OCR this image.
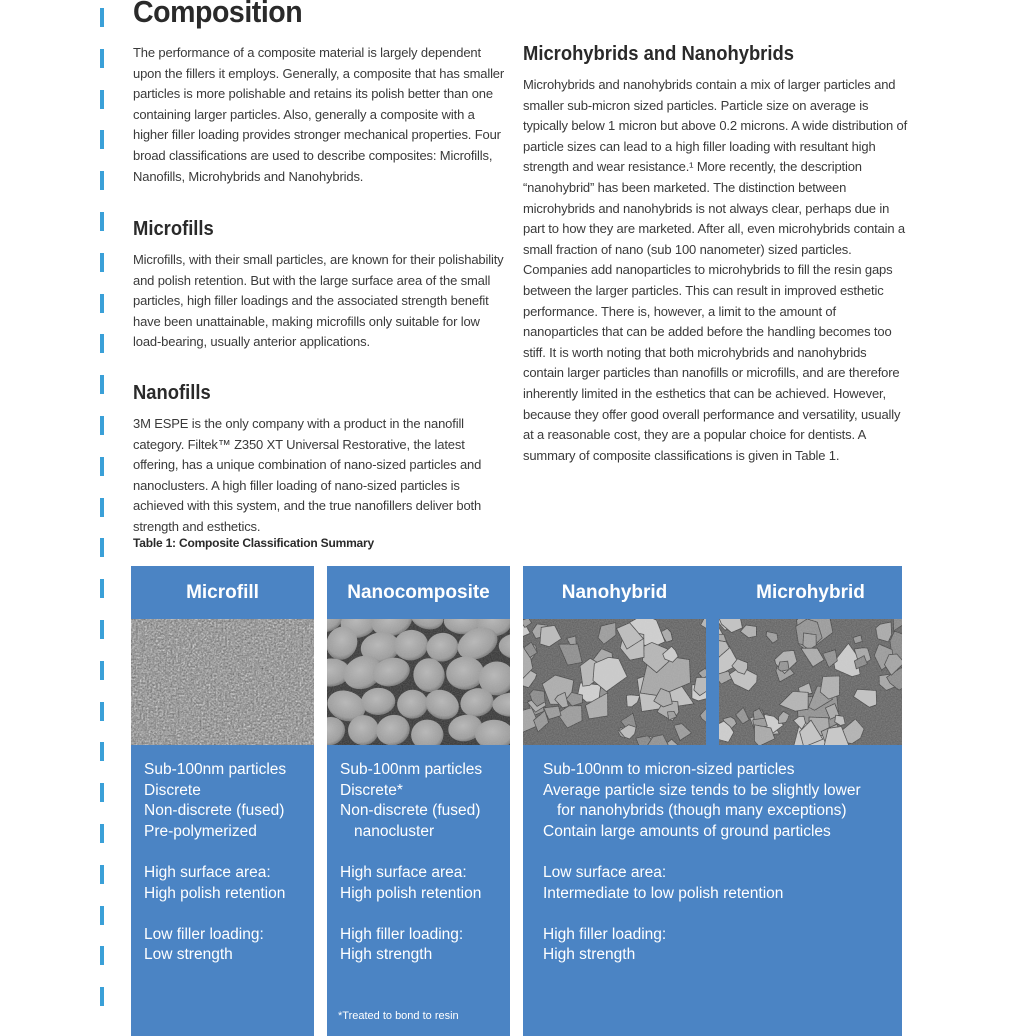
Composition

The performance of a composite material is largely dependent upon the fillers it employs. Generally, a composite that has smaller particles is more polishable and retains its polish better than one containing larger particles. Also, generally a composite with a higher filler loading provides stronger mechanical properties. Four broad classifications are used to describe composites: Microfills, Nanofills, Microhybrids and Nanohybrids.

Microfills

Microfills, with their small particles, are known for their polishability and polish retention. But with the large surface area of the small particles, high filler loadings and the associated strength benefit have been unattainable, making microfills only suitable for low load-bearing, usually anterior applications.

Nanofills

3M ESPE is the only company with a product in the nanofill category. Filtek™ Z350 XT Universal Restorative, the latest offering, has a unique combination of nano-sized particles and nanoclusters. A high filler loading of nano-sized particles is achieved with this system, and the true nanofillers deliver both strength and esthetics.

Microhybrids and Nanohybrids

Microhybrids and nanohybrids contain a mix of larger particles and smaller sub-micron sized particles. Particle size on average is typically below 1 micron but above 0.2 microns. A wide distribution of particle sizes can lead to a high filler loading with resultant high strength and wear resistance.¹ More recently, the description “nanohybrid” has been marketed. The distinction between microhybrids and nanohybrids is not always clear, perhaps due in part to how they are marketed. After all, even microhybrids contain a small fraction of nano (sub 100 nanometer) sized particles. Companies add nanoparticles to microhybrids to fill the resin gaps between the larger particles. This can result in improved esthetic performance. There is, however, a limit to the amount of nanoparticles that can be added before the handling becomes too stiff. It is worth noting that both microhybrids and nanohybrids contain larger particles than nanofills or microfills, and are therefore inherently limited in the esthetics that can be achieved. However, because they offer good overall performance and versatility, usually at a reasonable cost, they are a popular choice for dentists. A summary of composite classifications is given in Table 1.

Table 1: Composite Classification Summary
Microfill
Sub-100nm particles
Discrete
Non-discrete (fused)
Pre-polymerized
High surface area:
High polish retention
Low filler loading:
Low strength
Nanocomposite
Sub-100nm particles
Discrete*
Non-discrete (fused)
nanocluster
High surface area:
High polish retention
High filler loading:
High strength
*Treated to bond to resin
Nanohybrid	Microhybrid
Sub-100nm to micron-sized particles
Average particle size tends to be slightly lower
for nanohybrids (though many exceptions)
Contain large amounts of ground particles
Low surface area:
Intermediate to low polish retention
High filler loading:
High strength
